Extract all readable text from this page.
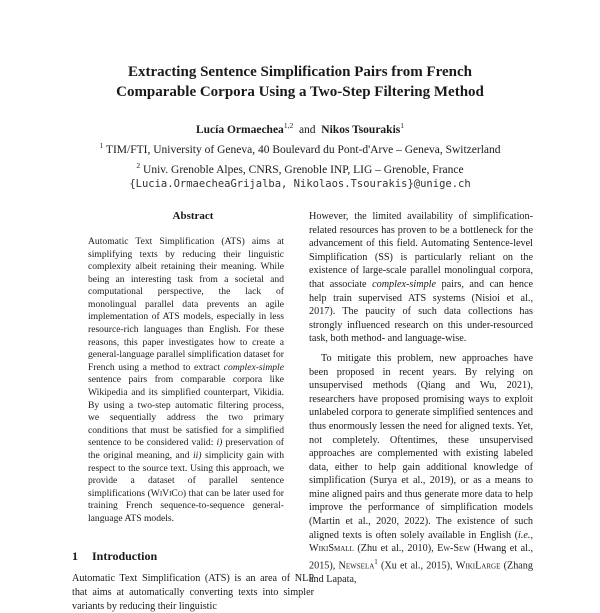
Extracting Sentence Simplification Pairs from French
Comparable Corpora Using a Two-Step Filtering Method
Lucía Ormaechea$^{1,2}$ and Nikos Tsourakis$^1$
$^1$ TIM/FTI, University of Geneva, 40 Boulevard du Pont-d'Arve – Geneva, Switzerland
$^2$ Univ. Grenoble Alpes, CNRS, Grenoble INP, LIG – Grenoble, France
{Lucia.OrmaecheaGrijalba, Nikolaos.Tsourakis}@unige.ch
Abstract
Automatic Text Simplification (ATS) aims at simplifying texts by reducing their linguistic complexity albeit retaining their meaning. While being an interesting task from a societal and computational perspective, the lack of monolingual parallel data prevents an agile implementation of ATS models, especially in less resource-rich languages than English. For these reasons, this paper investigates how to create a general-language parallel simplification dataset for French using a method to extract complex-simple sentence pairs from comparable corpora like Wikipedia and its simplified counterpart, Vikidia. By using a two-step automatic filtering process, we sequentially address the two primary conditions that must be satisfied for a simplified sentence to be considered valid: i) preservation of the original meaning, and ii) simplicity gain with respect to the source text. Using this approach, we provide a dataset of parallel sentence simplifications (WiViCo) that can be later used for training French sequence-to-sequence general-language ATS models.
1 Introduction
Automatic Text Simplification (ATS) is an area of NLP that aims at automatically converting texts into simpler variants by reducing their linguistic

However, the limited availability of simplification-related resources has proven to be a bottleneck for the advancement of this field. Automating Sentence-level Simplification (SS) is particularly reliant on the existence of large-scale parallel monolingual corpora, that associate complex-simple pairs, and can hence help train supervised ATS systems (Nisioi et al., 2017). The paucity of such data collections has strongly influenced research on this under-resourced task, both method- and language-wise.

To mitigate this problem, new approaches have been proposed in recent years. By relying on unsupervised methods (Qiang and Wu, 2021), researchers have proposed promising ways to exploit unlabeled corpora to generate simplified sentences and thus enormously lessen the need for aligned texts. Yet, not completely. Oftentimes, these unsupervised approaches are complemented with existing labeled data, either to help gain additional knowledge of simplification (Surya et al., 2019), or as a means to mine aligned pairs and thus generate more data to help improve the performance of simplification models (Martin et al., 2020, 2022). The existence of such aligned texts is often solely available in English (i.e., WikiSmall (Zhu et al., 2010), Ew-Sew (Hwang et al., 2015), Newsela$^1$ (Xu et al., 2015), WikiLarge (Zhang and Lapata,
